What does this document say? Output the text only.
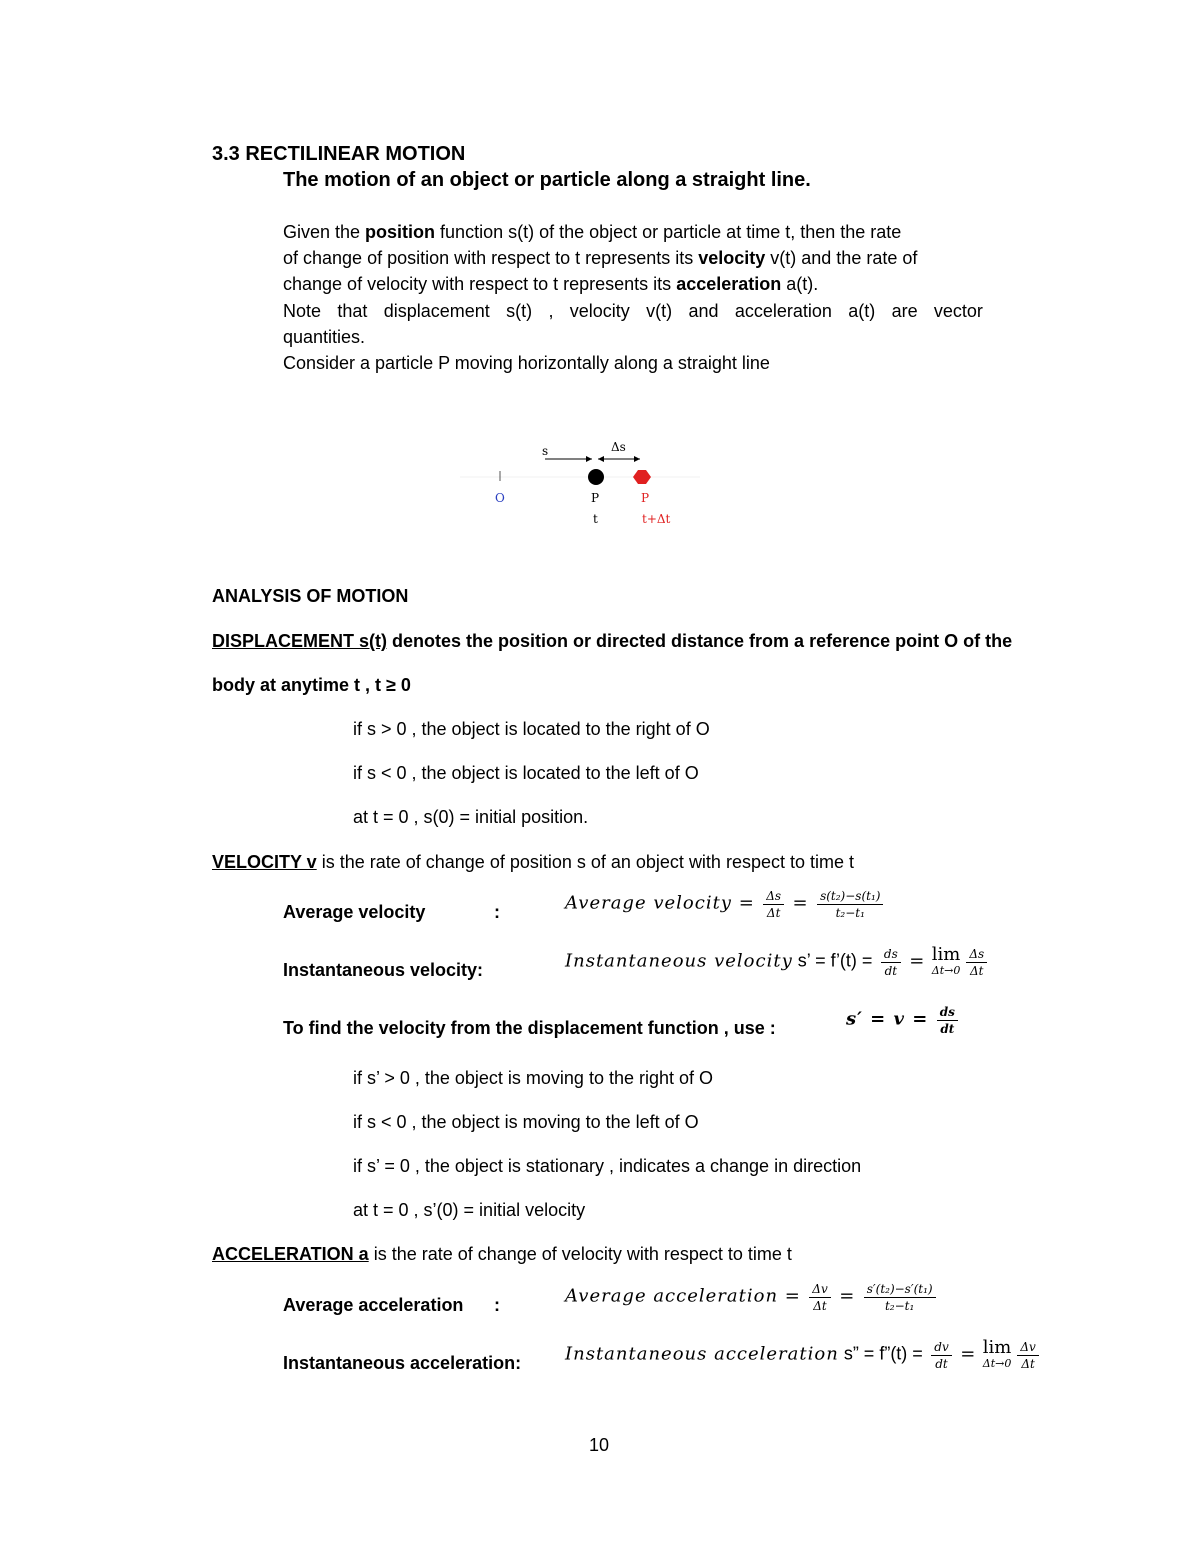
3.3 RECTILINEAR MOTION
The motion of an object or particle along a straight line.
Given the position function s(t) of the object or particle at time t, then the rate
of change of position with respect to t represents its velocity v(t) and the rate of
change of velocity with respect to t represents its acceleration a(t).
Note that displacement s(t) , velocity v(t) and acceleration a(t) are vector
quantities.
Consider a particle P moving horizontally along a straight line
s	Δs
O	P	P
t	t+Δt
ANALYSIS OF MOTION
DISPLACEMENT s(t) denotes the position or directed distance from a reference point O of the
body at anytime t , t ≥ 0
if s > 0 , the object is located to the right of O
if s < 0 , the object is located to the left of O
at t = 0 , s(0) = initial position.
VELOCITY v is the rate of change of position s of an object with respect to time t
Average velocity	:	Average velocity = $\frac{\Delta s}{\Delta t} = \frac{\text{s(t₂)−s(t₁)}}{\text{t₂−t₁}}$
Instantaneous velocity:	Instantaneous velocity s’ = f’(t) = $\frac{ds}{dt} = \lim$
$\Delta t\to 0 \frac{\Delta s}{\Delta t}$
To find the velocity from the displacement function , use :	$s' = v = \frac{ds}{dt}$
if s’ > 0 , the object is moving to the right of O
if s < 0 , the object is moving to the left of O
if s’ = 0 , the object is stationary , indicates a change in direction
at t = 0 , s’(0) = initial velocity
ACCELERATION a is the rate of change of velocity with respect to time t
Average acceleration :	Average acceleration = $\frac{\Delta v}{\Delta t} = \frac{\text{s′(t₂)−s′(t₁)}}{\text{t₂−t₁}}$
Instantaneous acceleration: Instantaneous acceleration s” = f”(t) = $\frac{dv}{dt} = \lim$
$\Delta t\to 0 \frac{\Delta v}{\Delta t}$
10
